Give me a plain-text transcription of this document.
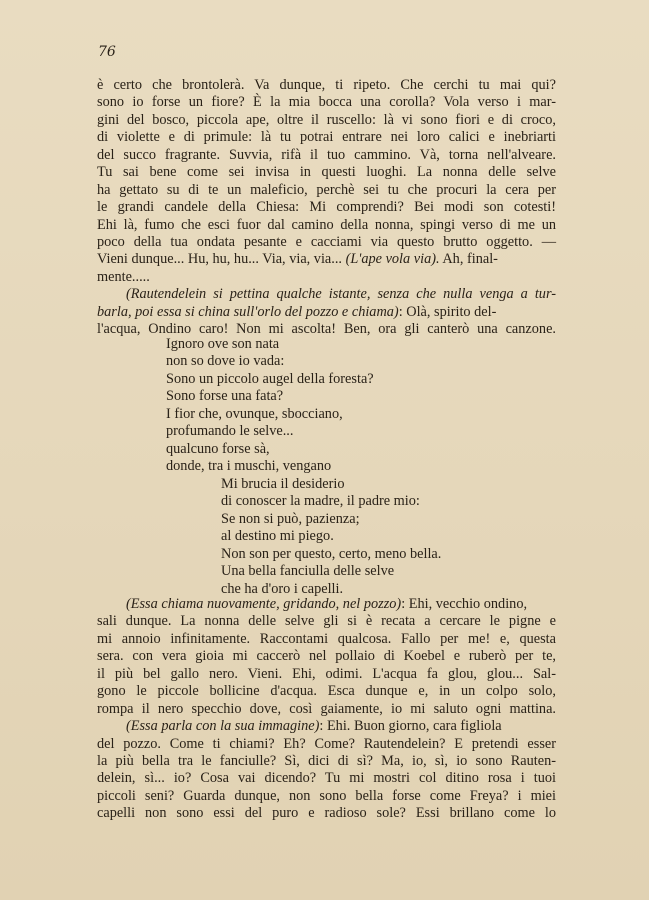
76
è certo che brontolerà. Va dunque, ti ripeto. Che cerchi tu mai qui?
sono io forse un fiore? È la mia bocca una corolla? Vola verso i mar-
gini del bosco, piccola ape, oltre il ruscello: là vi sono fiori e di croco,
di violette e di primule: là tu potrai entrare nei loro calici e inebriarti
del succo fragrante. Suvvia, rifà il tuo cammino. Và, torna nell'alveare.
Tu sai bene come sei invisa in questi luoghi. La nonna delle selve
ha gettato su di te un maleficio, perchè sei tu che procuri la cera per
le grandi candele della Chiesa: Mi comprendi? Bei modi son cotesti!
Ehi là, fumo che esci fuor dal camino della nonna, spingi verso di me un
poco della tua ondata pesante e cacciami via questo brutto oggetto. —
Vieni dunque... Hu, hu, hu... Via, via, via... (L'ape vola via). Ah, final-
mente.....
(Rautendelein si pettina qualche istante, senza che nulla venga a tur-
barla, poi essa si china sull'orlo del pozzo e chiama): Olà, spirito del-
l'acqua, Ondino caro! Non mi ascolta! Ben, ora gli canterò una canzone.
Ignoro ove son nata
non so dove io vada:
Sono un piccolo augel della foresta?
Sono forse una fata?
I fior che, ovunque, sbocciano,
profumando le selve...
qualcuno forse sà,
donde, tra i muschi, vengano
Mi brucia il desiderio
di conoscer la madre, il padre mio:
Se non si può, pazienza;
al destino mi piego.
Non son per questo, certo, meno bella.
Una bella fanciulla delle selve
che ha d'oro i capelli.
(Essa chiama nuovamente, gridando, nel pozzo): Ehi, vecchio ondino,
sali dunque. La nonna delle selve gli si è recata a cercare le pigne e
mi annoio infinitamente. Raccontami qualcosa. Fallo per me! e, questa
sera. con vera gioia mi caccerò nel pollaio di Koebel e ruberò per te,
il più bel gallo nero. Vieni. Ehi, odimi. L'acqua fa glou, glou... Sal-
gono le piccole bollicine d'acqua. Esca dunque e, in un colpo solo,
rompa il nero specchio dove, così gaiamente, io mi saluto ogni mattina.
(Essa parla con la sua immagine): Ehi. Buon giorno, cara figliola
del pozzo. Come ti chiami? Eh? Come? Rautendelein? E pretendi esser
la più bella tra le fanciulle? Sì, dici di sì? Ma, io, sì, io sono Rauten-
delein, sì... io? Cosa vai dicendo? Tu mi mostri col ditino rosa i tuoi
piccoli seni? Guarda dunque, non sono bella forse come Freya? i miei
capelli non sono essi del puro e radioso sole? Essi brillano come lo
